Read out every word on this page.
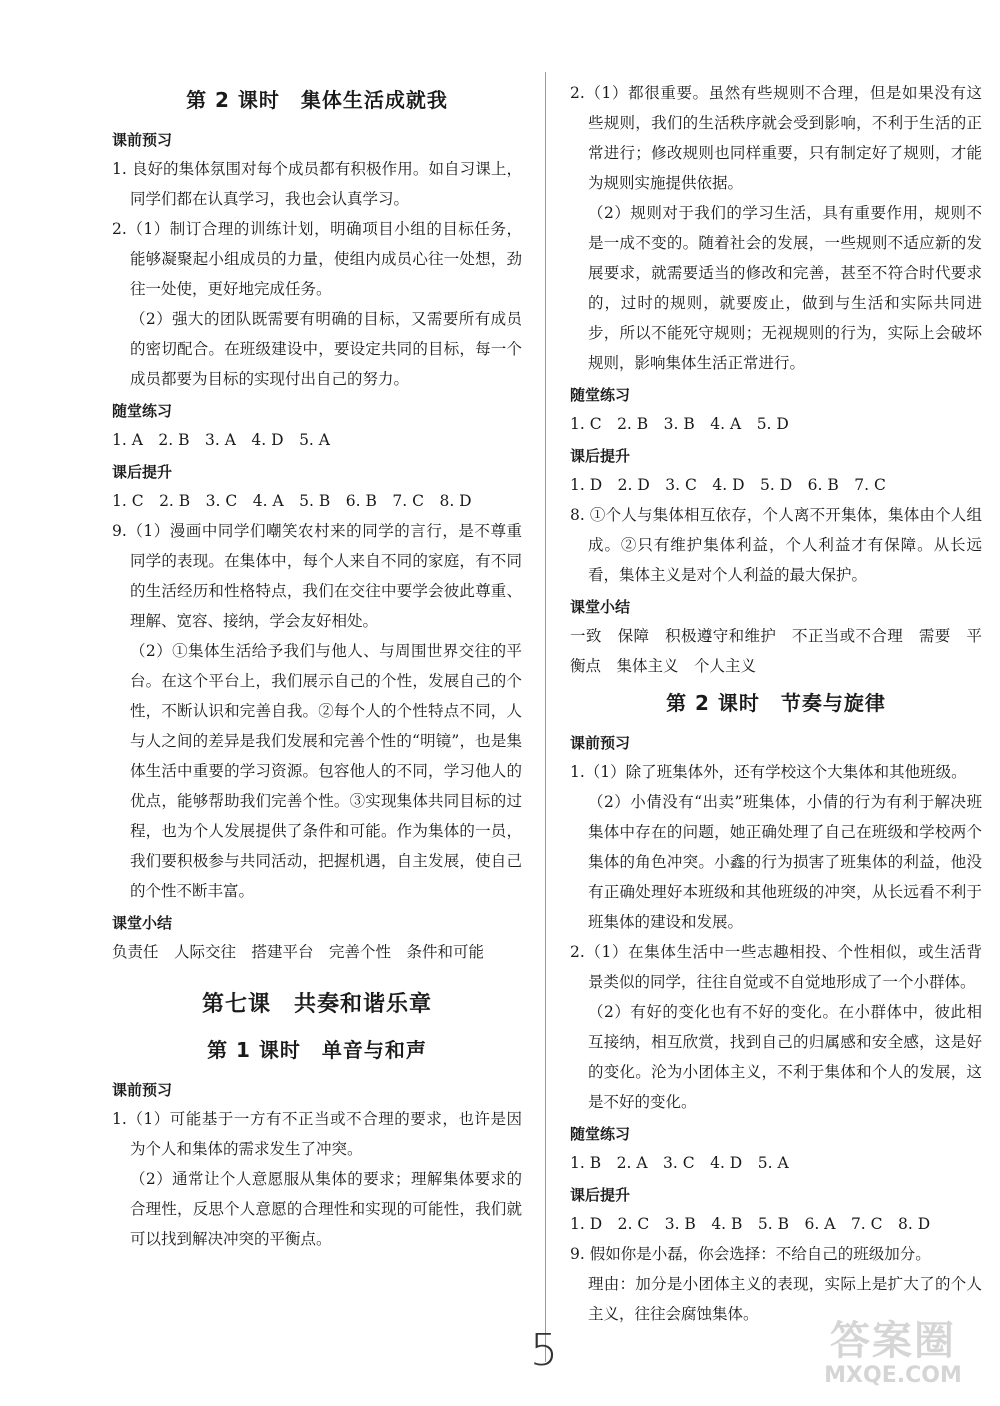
第 2 课时　集体生活成就我
课前预习

1. 良好的集体氛围对每个成员都有积极作用。如自习课上，同学们都在认真学习，我也会认真学习。

2.（1）制订合理的训练计划，明确项目小组的目标任务，能够凝聚起小组成员的力量，使组内成员心往一处想，劲往一处使，更好地完成任务。

（2）强大的团队既需要有明确的目标，又需要所有成员的密切配合。在班级建设中，要设定共同的目标，每一个成员都要为目标的实现付出自己的努力。

随堂练习

1. A　2. B　3. A　4. D　5. A

课后提升

1. C　2. B　3. C　4. A　5. B　6. B　7. C　8. D

9.（1）漫画中同学们嘲笑农村来的同学的言行，是不尊重同学的表现。在集体中，每个人来自不同的家庭，有不同的生活经历和性格特点，我们在交往中要学会彼此尊重、理解、宽容、接纳，学会友好相处。

（2）①集体生活给予我们与他人、与周围世界交往的平台。在这个平台上，我们展示自己的个性，发展自己的个性，不断认识和完善自我。②每个人的个性特点不同，人与人之间的差异是我们发展和完善个性的“明镜”，也是集体生活中重要的学习资源。包容他人的不同，学习他人的优点，能够帮助我们完善个性。③实现集体共同目标的过程，也为个人发展提供了条件和可能。作为集体的一员，我们要积极参与共同活动，把握机遇，自主发展，使自己的个性不断丰富。

课堂小结

负责任　人际交往　搭建平台　完善个性　条件和可能

第七课　共奏和谐乐章
第 1 课时　单音与和声
课前预习

1.（1）可能基于一方有不正当或不合理的要求，也许是因为个人和集体的需求发生了冲突。

（2）通常让个人意愿服从集体的要求；理解集体要求的合理性，反思个人意愿的合理性和实现的可能性，我们就可以找到解决冲突的平衡点。

2.（1）都很重要。虽然有些规则不合理，但是如果没有这些规则，我们的生活秩序就会受到影响，不利于生活的正常进行；修改规则也同样重要，只有制定好了规则，才能为规则实施提供依据。

（2）规则对于我们的学习生活，具有重要作用，规则不是一成不变的。随着社会的发展，一些规则不适应新的发展要求，就需要适当的修改和完善，甚至不符合时代要求的，过时的规则，就要废止，做到与生活和实际共同进步，所以不能死守规则；无视规则的行为，实际上会破坏规则，影响集体生活正常进行。

随堂练习

1. C　2. B　3. B　4. A　5. D

课后提升

1. D　2. D　3. C　4. D　5. D　6. B　7. C

8. ①个人与集体相互依存，个人离不开集体，集体由个人组成。②只有维护集体利益，个人利益才有保障。从长远看，集体主义是对个人利益的最大保护。

课堂小结

一致　保障　积极遵守和维护　不正当或不合理　需要　平衡点　集体主义　个人主义

第 2 课时　节奏与旋律
课前预习

1.（1）除了班集体外，还有学校这个大集体和其他班级。

（2）小倩没有“出卖”班集体，小倩的行为有利于解决班集体中存在的问题，她正确处理了自己在班级和学校两个集体的角色冲突。小鑫的行为损害了班集体的利益，他没有正确处理好本班级和其他班级的冲突，从长远看不利于班集体的建设和发展。

2.（1）在集体生活中一些志趣相投、个性相似，或生活背景类似的同学，往往自觉或不自觉地形成了一个小群体。

（2）有好的变化也有不好的变化。在小群体中，彼此相互接纳，相互欣赏，找到自己的归属感和安全感，这是好的变化。沦为小团体主义，不利于集体和个人的发展，这是不好的变化。

随堂练习

1. B　2. A　3. C　4. D　5. A

课后提升

1. D　2. C　3. B　4. B　5. B　6. A　7. C　8. D

9. 假如你是小磊，你会选择：不给自己的班级加分。

理由：加分是小团体主义的表现，实际上是扩大了的个人主义，往往会腐蚀集体。

5	答案圈
MXQE.COM
